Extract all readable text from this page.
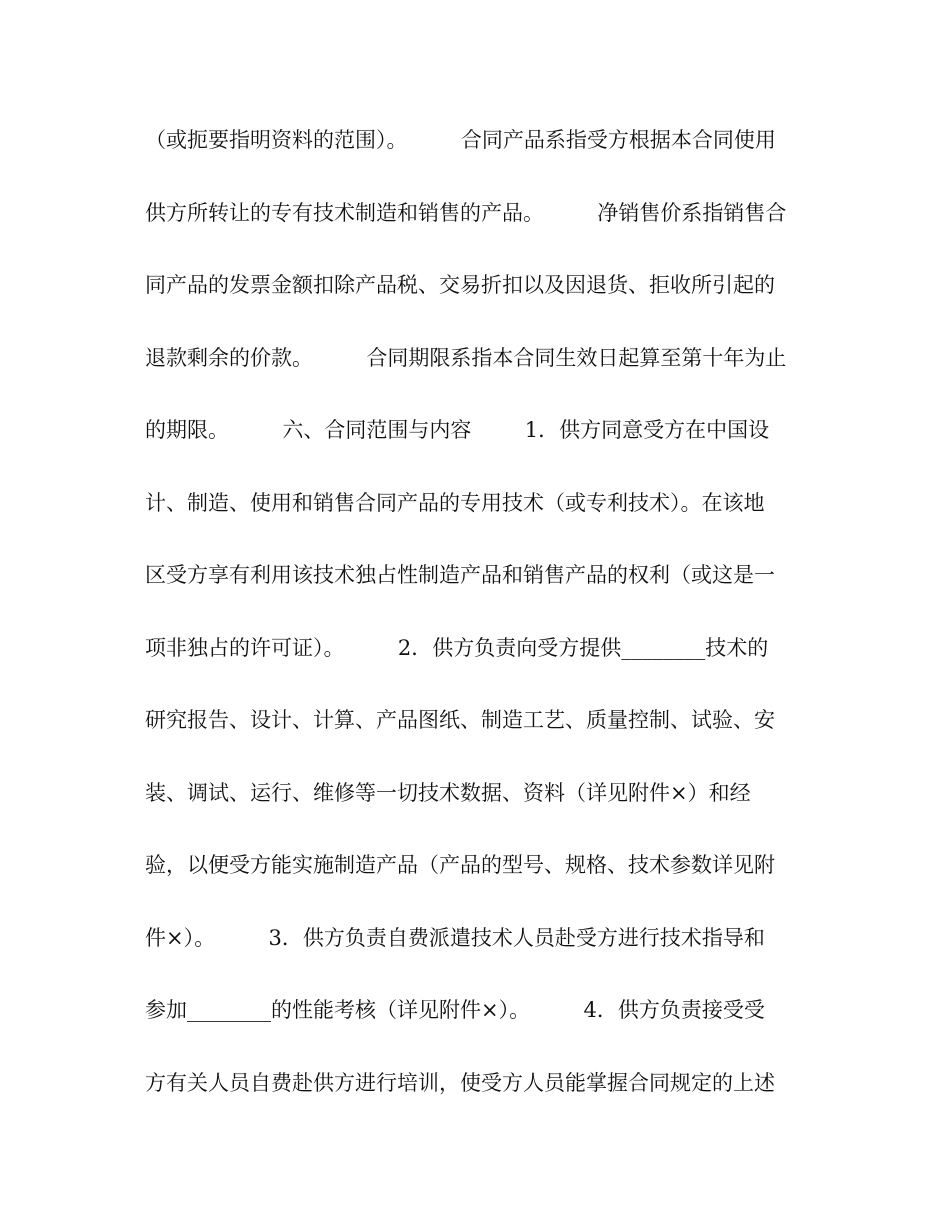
（或扼要指明资料的范围）。        合同产品系指受方根据本合同使用
供方所转让的专有技术制造和销售的产品。        净销售价系指销售合
同产品的发票金额扣除产品税、交易折扣以及因退货、拒收所引起的
退款剩余的价款。        合同期限系指本合同生效日起算至第十年为止
的期限。        六、合同范围与内容        1．供方同意受方在中国设
计、制造、使用和销售合同产品的专用技术（或专利技术）。在该地
区受方享有利用该技术独占性制造产品和销售产品的权利（或这是一
项非独占的许可证）。        2．供方负责向受方提供________技术的
研究报告、设计、计算、产品图纸、制造工艺、质量控制、试验、安
装、调试、运行、维修等一切技术数据、资料（详见附件×）和经
验，以便受方能实施制造产品（产品的型号、规格、技术参数详见附
件×）。        3．供方负责自费派遣技术人员赴受方进行技术指导和
参加________的性能考核（详见附件×）。        4．供方负责接受受
方有关人员自费赴供方进行培训，使受方人员能掌握合同规定的上述
